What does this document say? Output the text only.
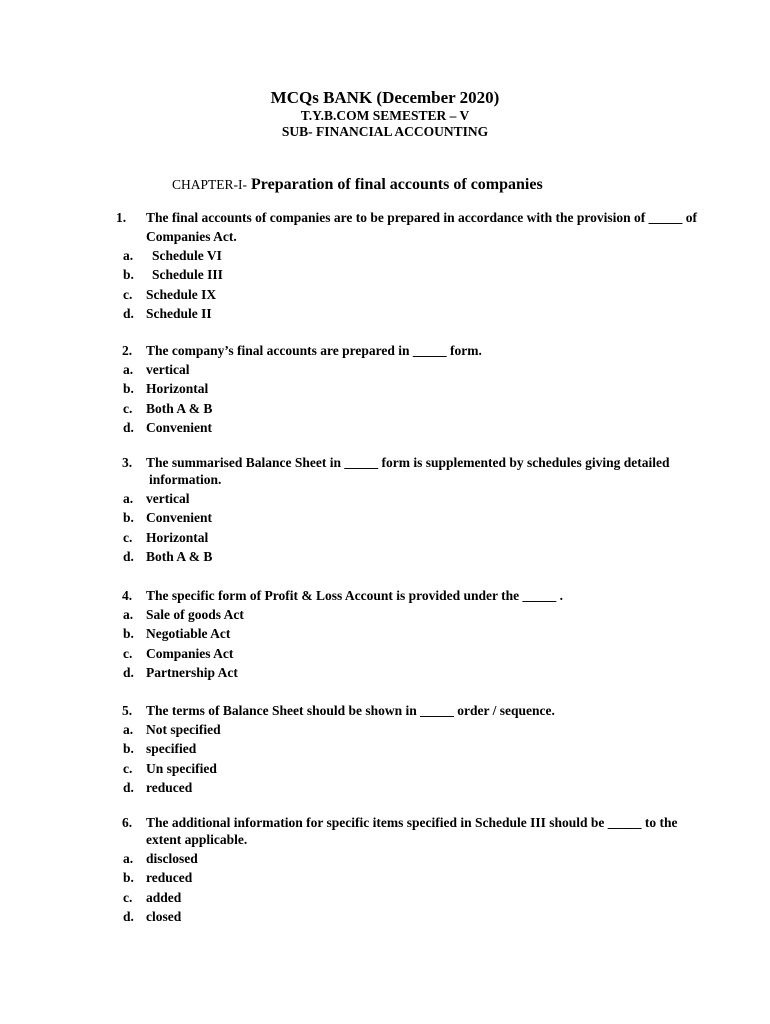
MCQs BANK (December 2020)
T.Y.B.COM SEMESTER – V
SUB- FINANCIAL ACCOUNTING
CHAPTER-I- Preparation of final accounts of companies
1. The final accounts of companies are to be prepared in accordance with the provision of _____ of
Companies Act.
a. Schedule VI
b. Schedule III
c. Schedule IX
d. Schedule II
2. The company’s final accounts are prepared in _____ form.
a. vertical
b. Horizontal
c. Both A & B
d. Convenient
3. The summarised Balance Sheet in _____ form is supplemented by schedules giving detailed
information.
a. vertical
b. Convenient
c. Horizontal
d. Both A & B
4. The specific form of Profit & Loss Account is provided under the _____ .
a. Sale of goods Act
b. Negotiable Act
c. Companies Act
d. Partnership Act
5. The terms of Balance Sheet should be shown in _____ order / sequence.
a. Not specified
b. specified
c. Un specified
d. reduced
6. The additional information for specific items specified in Schedule III should be _____ to the
extent applicable.
a. disclosed
b. reduced
c. added
d. closed
